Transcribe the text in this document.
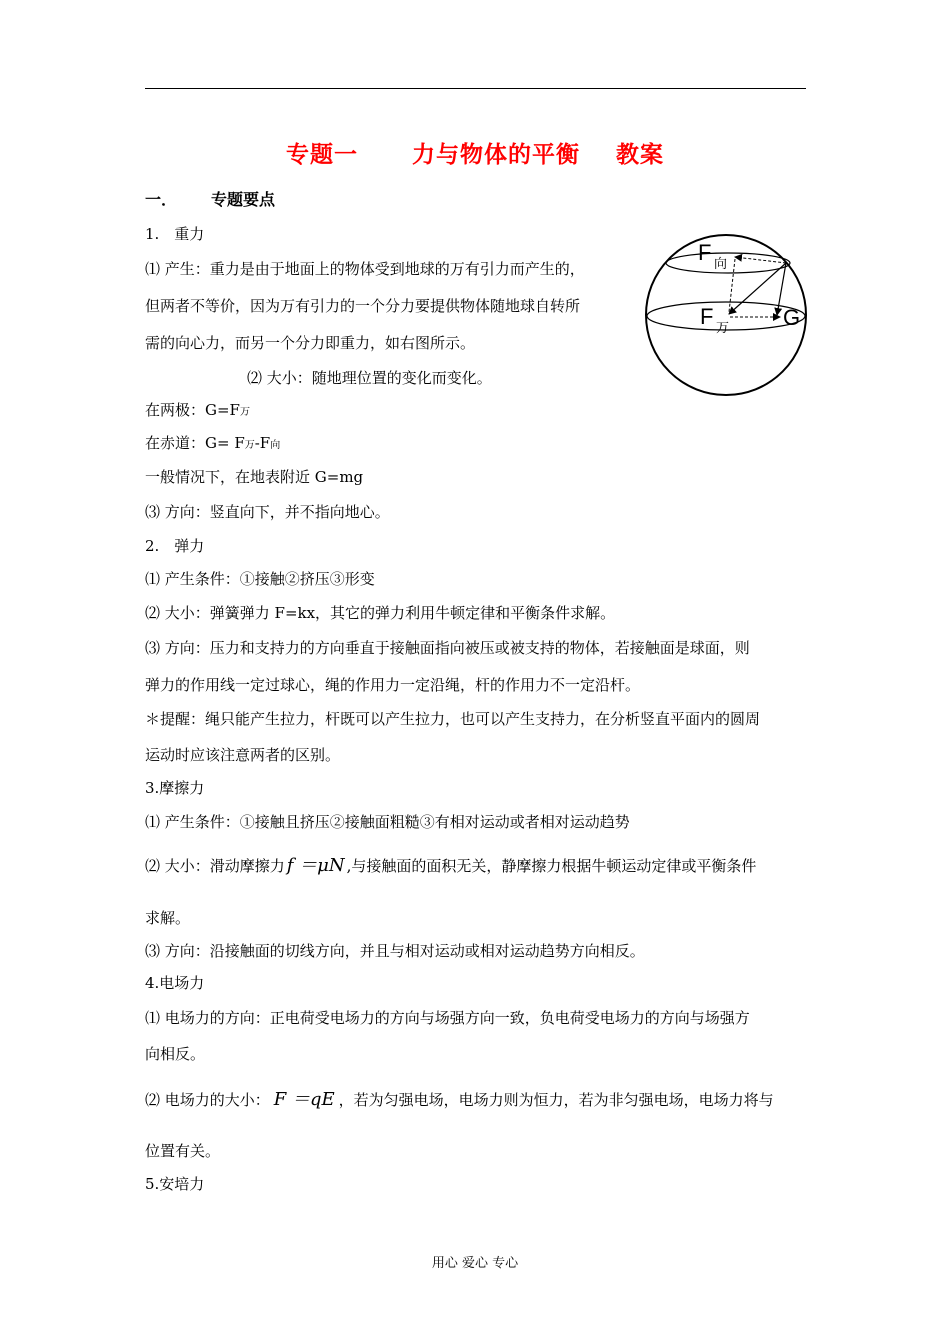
专题一 力与物体的平衡 教案
一． 专题要点
1.　重力
⑴ 产生：重力是由于地面上的物体受到地球的万有引力而产生的，
但两者不等价，因为万有引力的一个分力要提供物体随地球自转所
需的向心力，而另一个分力即重力，如右图所示。
⑵ 大小：随地理位置的变化而变化。
在两极：G=F万
在赤道：G= F万-F向
一般情况下，在地表附近 G=mg
⑶ 方向：竖直向下，并不指向地心。
F 向
F 万 G
2.　弹力
⑴ 产生条件：①接触②挤压③形变
⑵ 大小：弹簧弹力 F=kx，其它的弹力利用牛顿定律和平衡条件求解。
⑶ 方向：压力和支持力的方向垂直于接触面指向被压或被支持的物体，若接触面是球面，则
弹力的作用线一定过球心，绳的作用力一定沿绳，杆的作用力不一定沿杆。
＊提醒：绳只能产生拉力，杆既可以产生拉力，也可以产生支持力，在分析竖直平面内的圆周
运动时应该注意两者的区别。
3.摩擦力
⑴ 产生条件：①接触且挤压②接触面粗糙③有相对运动或者相对运动趋势
⑵ 大小：滑动摩擦力 f ＝μN ,与接触面的面积无关，静摩擦力根据牛顿运动定律或平衡条件
求解。
⑶ 方向：沿接触面的切线方向，并且与相对运动或相对运动趋势方向相反。
4.电场力
⑴ 电场力的方向：正电荷受电场力的方向与场强方向一致，负电荷受电场力的方向与场强方
向相反。
⑵ 电场力的大小： F ＝qE ，若为匀强电场，电场力则为恒力，若为非匀强电场，电场力将与
位置有关。
5.安培力
用心 爱心 专心
